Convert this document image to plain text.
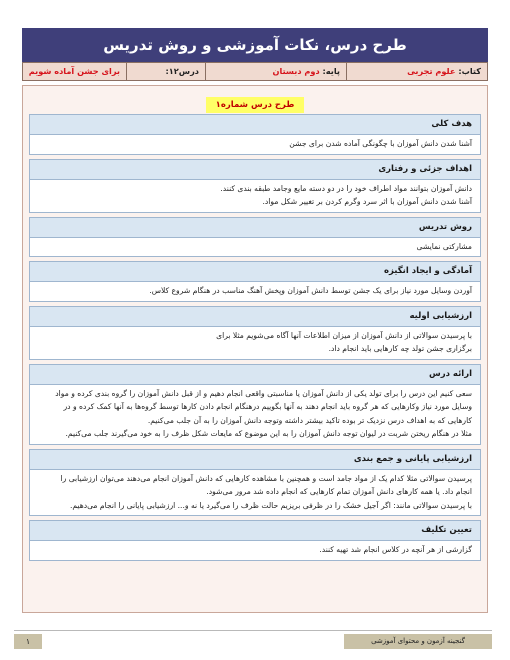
طرح درس، نکات آموزشی و روش تدریس
کتاب: علوم تجربی
پایه: دوم دبستان
درس۱۲:
برای جشن آماده شویم
طرح درس شماره۱
هدف کلی

آشنا شدن دانش آموزان با چگونگی آماده شدن برای جشن

اهداف جزئی و رفتاری

دانش آموزان بتوانند مواد اطراف خود را در دو دسته مایع وجامد طبقه بندی کنند.

آشنا شدن دانش آموزان با اثر سرد وگرم کردن بر تغییر شکل مواد.

روش تدریس

مشارکتی نمایشی

آمادگی و ایجاد انگیزه

آوردن وسایل مورد نیاز برای یک جشن توسط دانش آموزان وپخش آهنگ مناسب در هنگام شروع کلاس.

ارزشیابی اولیه

با پرسیدن سوالاتی از دانش آموزان از میزان اطلاعات آنها آگاه می‌شویم مثلا برای

برگزاری جشن تولد چه کارهایی باید انجام داد.

ارائه درس

سعی کنیم این درس را برای تولد یکی از دانش آموزان یا مناسبتی واقعی انجام دهیم و از قبل دانش آموزان را گروه بندی کرده و مواد

وسایل مورد نیاز وکارهایی که هر گروه باید انجام دهند به آنها بگوییم درهنگام انجام دادن کارها توسط گروه‌ها به آنها کمک کرده و در

کارهایی که به اهداف درس نزدیک تر بوده تاکید بیشتر داشته وتوجه دانش آموزان را به آن جلب می‌کنیم.

مثلا در هنگام ریختن شربت در لیوان توجه دانش آموزان را به این موضوع که مایعات شکل ظرف را به خود می‌گیرند جلب می‌کنیم.

ارزشیابی پایانی و جمع بندی

پرسیدن سوالاتی مثلا کدام یک از مواد جامد است و همچنین با مشاهده کارهایی که دانش آموزان انجام می‌دهند می‌توان ارزشیابی را

انجام داد. یا همه کارهای دانش آموزان تمام کارهایی که انجام داده شد مرور می‌شود.

با پرسیدن سوالاتی مانند: اگر آجیل خشک را در ظرفی بریزیم حالت ظرف را می‌گیرد یا نه و... ارزشیابی پایانی را انجام می‌دهیم.

تعیین تکلیف

گزارشی از هر آنچه در کلاس انجام شد تهیه کنند.

۱	گنجینه آزمون و محتوای آموزشی
